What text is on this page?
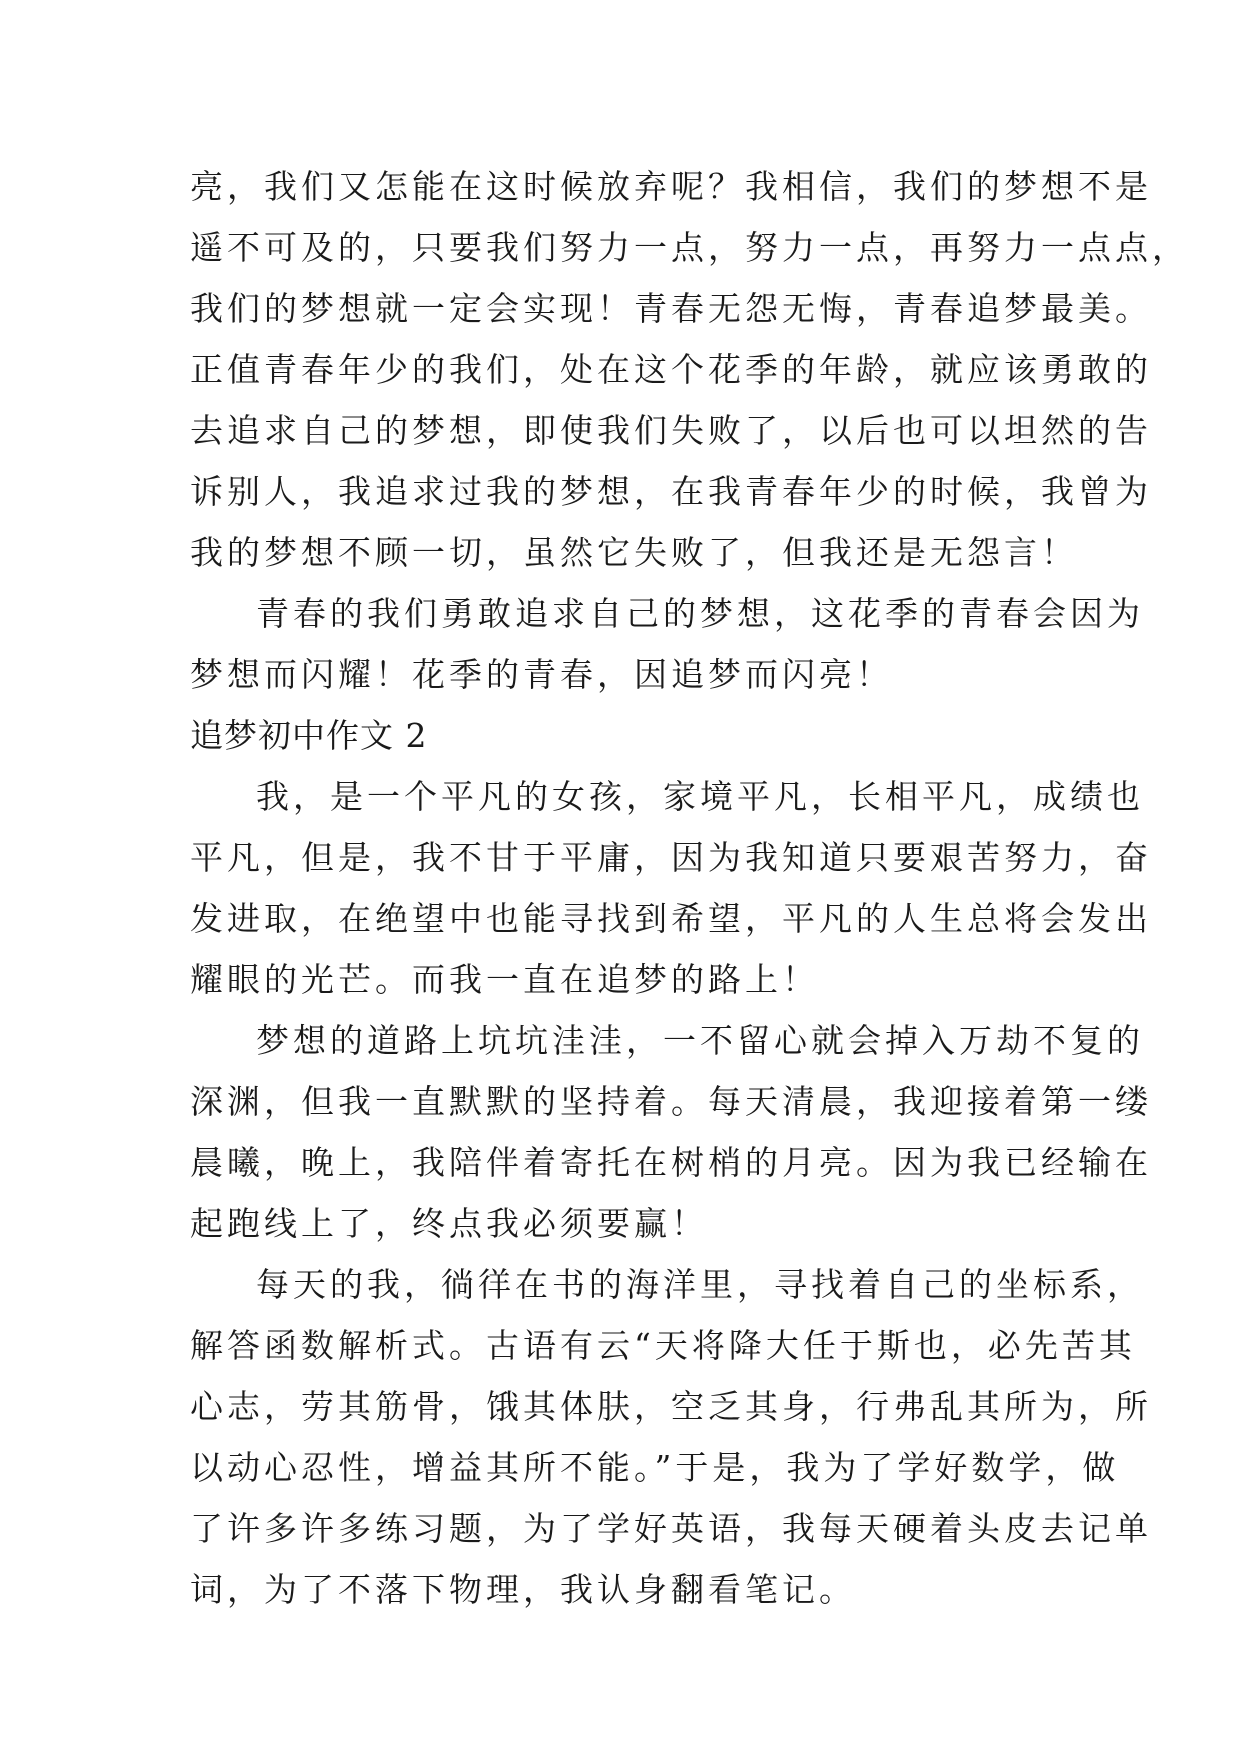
亮，我们又怎能在这时候放弃呢？我相信，我们的梦想不是
遥不可及的，只要我们努力一点，努力一点，再努力一点点，
我们的梦想就一定会实现！青春无怨无悔，青春追梦最美。
正值青春年少的我们，处在这个花季的年龄，就应该勇敢的
去追求自己的梦想，即使我们失败了，以后也可以坦然的告
诉别人，我追求过我的梦想，在我青春年少的时候，我曾为
我的梦想不顾一切，虽然它失败了，但我还是无怨言！
青春的我们勇敢追求自己的梦想，这花季的青春会因为
梦想而闪耀！花季的青春，因追梦而闪亮！
追梦初中作文 2
我，是一个平凡的女孩，家境平凡，长相平凡，成绩也
平凡，但是，我不甘于平庸，因为我知道只要艰苦努力，奋
发进取，在绝望中也能寻找到希望，平凡的人生总将会发出
耀眼的光芒。而我一直在追梦的路上！
梦想的道路上坑坑洼洼，一不留心就会掉入万劫不复的
深渊，但我一直默默的坚持着。每天清晨，我迎接着第一缕
晨曦，晚上，我陪伴着寄托在树梢的月亮。因为我已经输在
起跑线上了，终点我必须要赢！
每天的我，徜徉在书的海洋里，寻找着自己的坐标系，
解答函数解析式。古语有云“天将降大任于斯也，必先苦其
心志，劳其筋骨，饿其体肤，空乏其身，行弗乱其所为，所
以动心忍性，增益其所不能。”于是，我为了学好数学，做
了许多许多练习题，为了学好英语，我每天硬着头皮去记单
词，为了不落下物理，我认身翻看笔记。
